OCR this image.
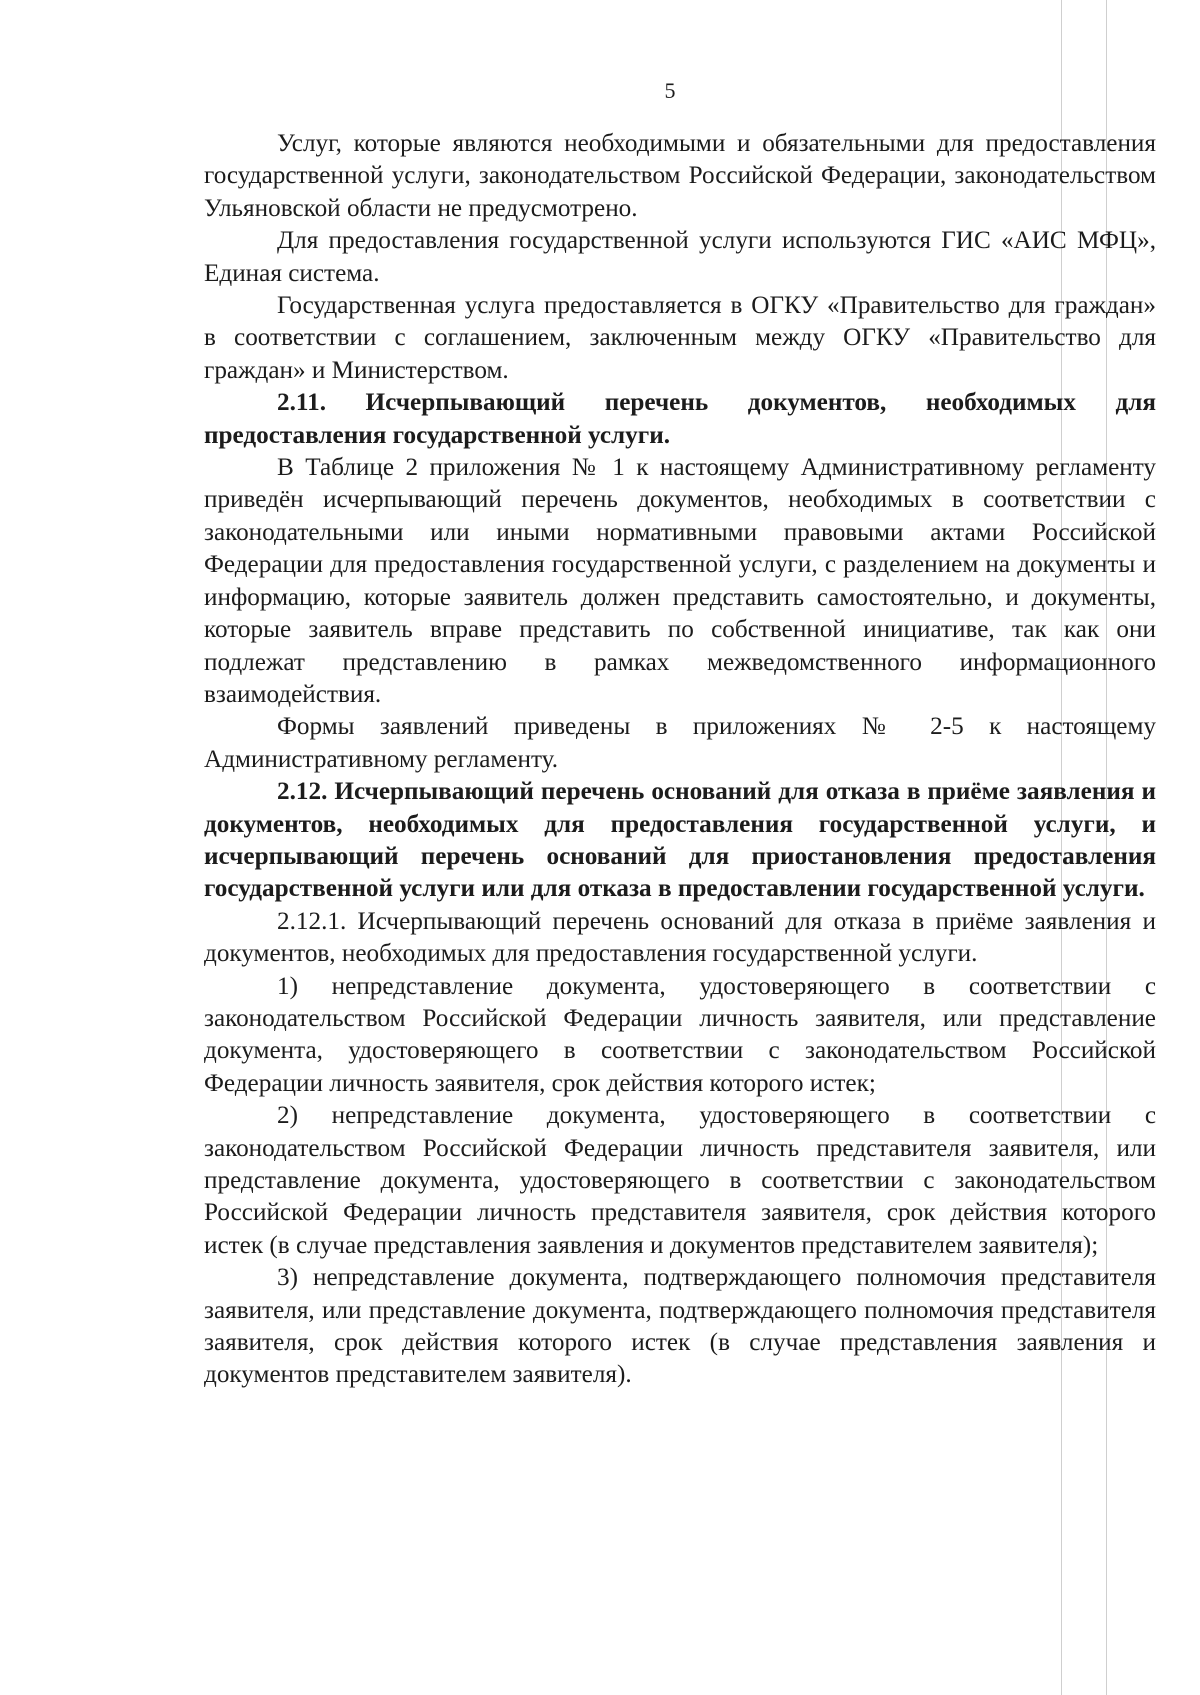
5

Услуг, которые являются необходимыми и обязательными для предоставления государственной услуги, законодательством Российской Федерации, законодательством Ульяновской области не предусмотрено.

Для предоставления государственной услуги используются ГИС «АИС МФЦ», Единая система.

Государственная услуга предоставляется в ОГКУ «Правительство для граждан» в соответствии с соглашением, заключенным между ОГКУ «Правительство для граждан» и Министерством.

2.11. Исчерпывающий перечень документов, необходимых для предоставления государственной услуги.

В Таблице 2 приложения № 1 к настоящему Административному регламенту приведён исчерпывающий перечень документов, необходимых в соответствии с законодательными или иными нормативными правовыми актами Российской Федерации для предоставления государственной услуги, с разделением на документы и информацию, которые заявитель должен представить самостоятельно, и документы, которые заявитель вправе представить по собственной инициативе, так как они подлежат представлению в рамках межведомственного информационного взаимодействия.

Формы заявлений приведены в приложениях № 2-5 к настоящему Административному регламенту.

2.12. Исчерпывающий перечень оснований для отказа в приёме заявления и документов, необходимых для предоставления государственной услуги, и исчерпывающий перечень оснований для приостановления предоставления государственной услуги или для отказа в предоставлении государственной услуги.

2.12.1. Исчерпывающий перечень оснований для отказа в приёме заявления и документов, необходимых для предоставления государственной услуги.

1) непредставление документа, удостоверяющего в соответствии с законодательством Российской Федерации личность заявителя, или представление документа, удостоверяющего в соответствии с законодательством Российской Федерации личность заявителя, срок действия которого истек;

2) непредставление документа, удостоверяющего в соответствии с законодательством Российской Федерации личность представителя заявителя, или представление документа, удостоверяющего в соответствии с законодательством Российской Федерации личность представителя заявителя, срок действия которого истек (в случае представления заявления и документов представителем заявителя);

3) непредставление документа, подтверждающего полномочия представителя заявителя, или представление документа, подтверждающего полномочия представителя заявителя, срок действия которого истек (в случае представления заявления и документов представителем заявителя).
